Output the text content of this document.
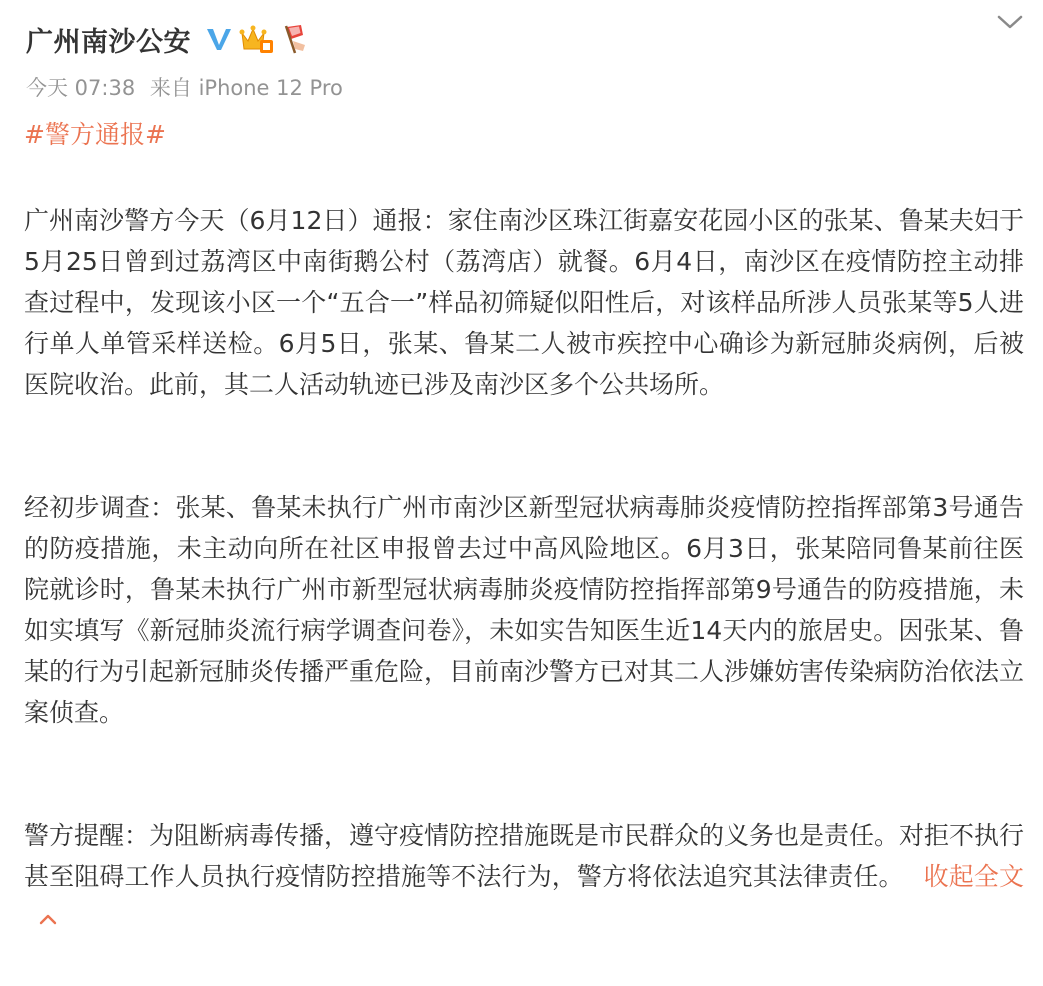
广州南沙公安
今天 07:38 来自 iPhone 12 Pro
#警方通报#

广州南沙警方今天（6月12日）通报：家住南沙区珠江街嘉安花园小区的张某、鲁某夫妇于5月25日曾到过荔湾区中南街鹅公村（荔湾店）就餐。6月4日，南沙区在疫情防控主动排查过程中，发现该小区一个“五合一”样品初筛疑似阳性后，对该样品所涉人员张某等5人进行单人单管采样送检。6月5日，张某、鲁某二人被市疾控中心确诊为新冠肺炎病例，后被医院收治。此前，其二人活动轨迹已涉及南沙区多个公共场所。

经初步调查：张某、鲁某未执行广州市南沙区新型冠状病毒肺炎疫情防控指挥部第3号通告的防疫措施，未主动向所在社区申报曾去过中高风险地区。6月3日，张某陪同鲁某前往医院就诊时，鲁某未执行广州市新型冠状病毒肺炎疫情防控指挥部第9号通告的防疫措施，未如实填写《新冠肺炎流行病学调查问卷》，未如实告知医生近14天内的旅居史。因张某、鲁某的行为引起新冠肺炎传播严重危险，目前南沙警方已对其二人涉嫌妨害传染病防治依法立案侦查。

警方提醒：为阻断病毒传播，遵守疫情防控措施既是市民群众的义务也是责任。对拒不执行甚至阻碍工作人员执行疫情防控措施等不法行为，警方将依法追究其法律责任。 收起全文
